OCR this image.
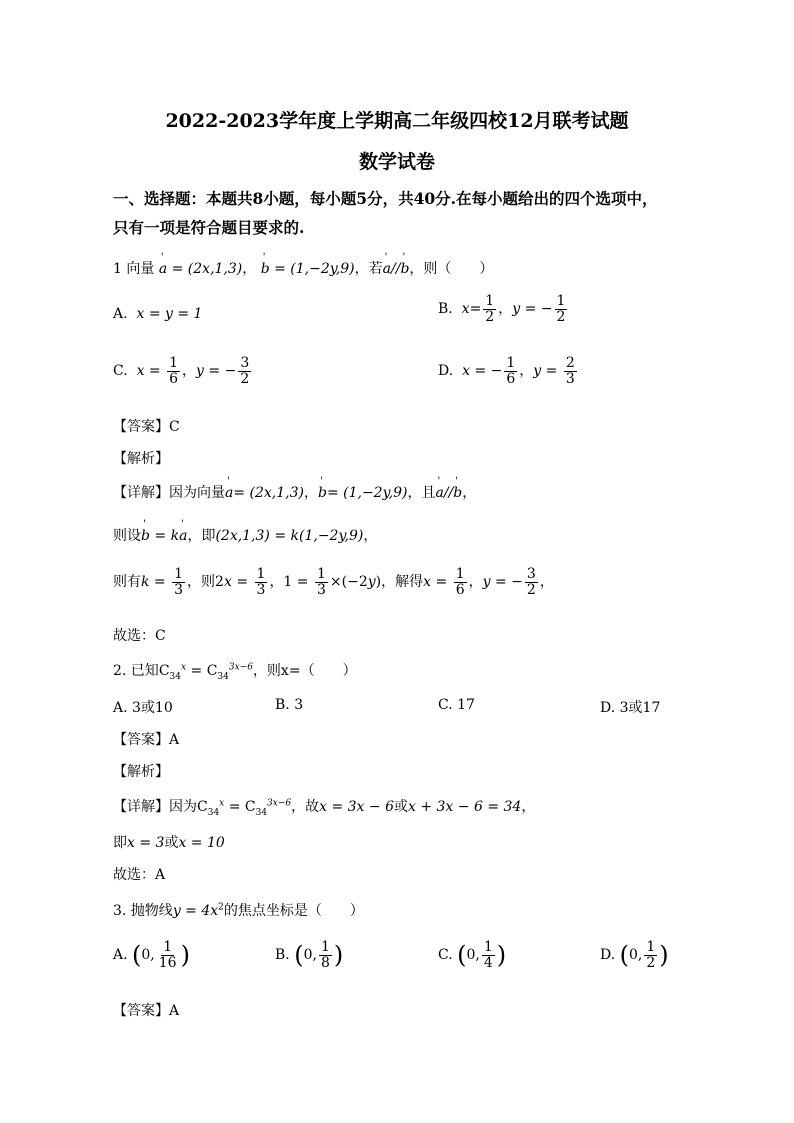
2022-2023学年度上学期高二年级四校12月联考试题
数学试卷
一、选择题：本题共8小题，每小题5分，共40分.在每小题给出的四个选项中，
只有一项是符合题目要求的.
1 向量 ' a = (2x,1,3)， ' b = (1,−2y,9)，若' a//' b，则（　　）
A. x = y = 1	B. $x= \frac{1}{2}$ ，y = − $\frac{1}{2}$
C. $x = \frac{1}{6}$ ，y = − $\frac{3}{2}$	D. x = − $\frac{1}{6}$ ，$y = \frac{2}{3}$
【答案】C
【解析】
【详解】因为向量' a= (2x,1,3)，' b= (1,−2y,9)，且' a//' b，
则设' b = k' a，即(2x,1,3) = k(1,−2y,9)，
则有$k = \frac{1}{3}$ ，则$2x = \frac{1}{3}$ ，$1 = \frac{1}{3} \times(-2y)$，解得$x = \frac{1}{6}$ ，y = − $\frac{3}{2}$ ，
故选：C
2. 已知$C_{34}^x = C_{34}^{3x-6}$，则x=（　　）
A. 3或10	B. 3	C. 17	D. 3或17
【答案】A
【解析】
【详解】因为$C_{34}^x = C_{34}^{3x-6}$，故x = 3x − 6或x + 3x − 6 = 34，
即x = 3或x = 10
故选：A
3. 抛物线$y = 4x^2$的焦点坐标是（　　）
A. (0, $\frac{1}{16}$ )	B. (0, $\frac{1}{8}$ )	C. (0, $\frac{1}{4}$ )	D. (0, $\frac{1}{2}$ )
【答案】A
